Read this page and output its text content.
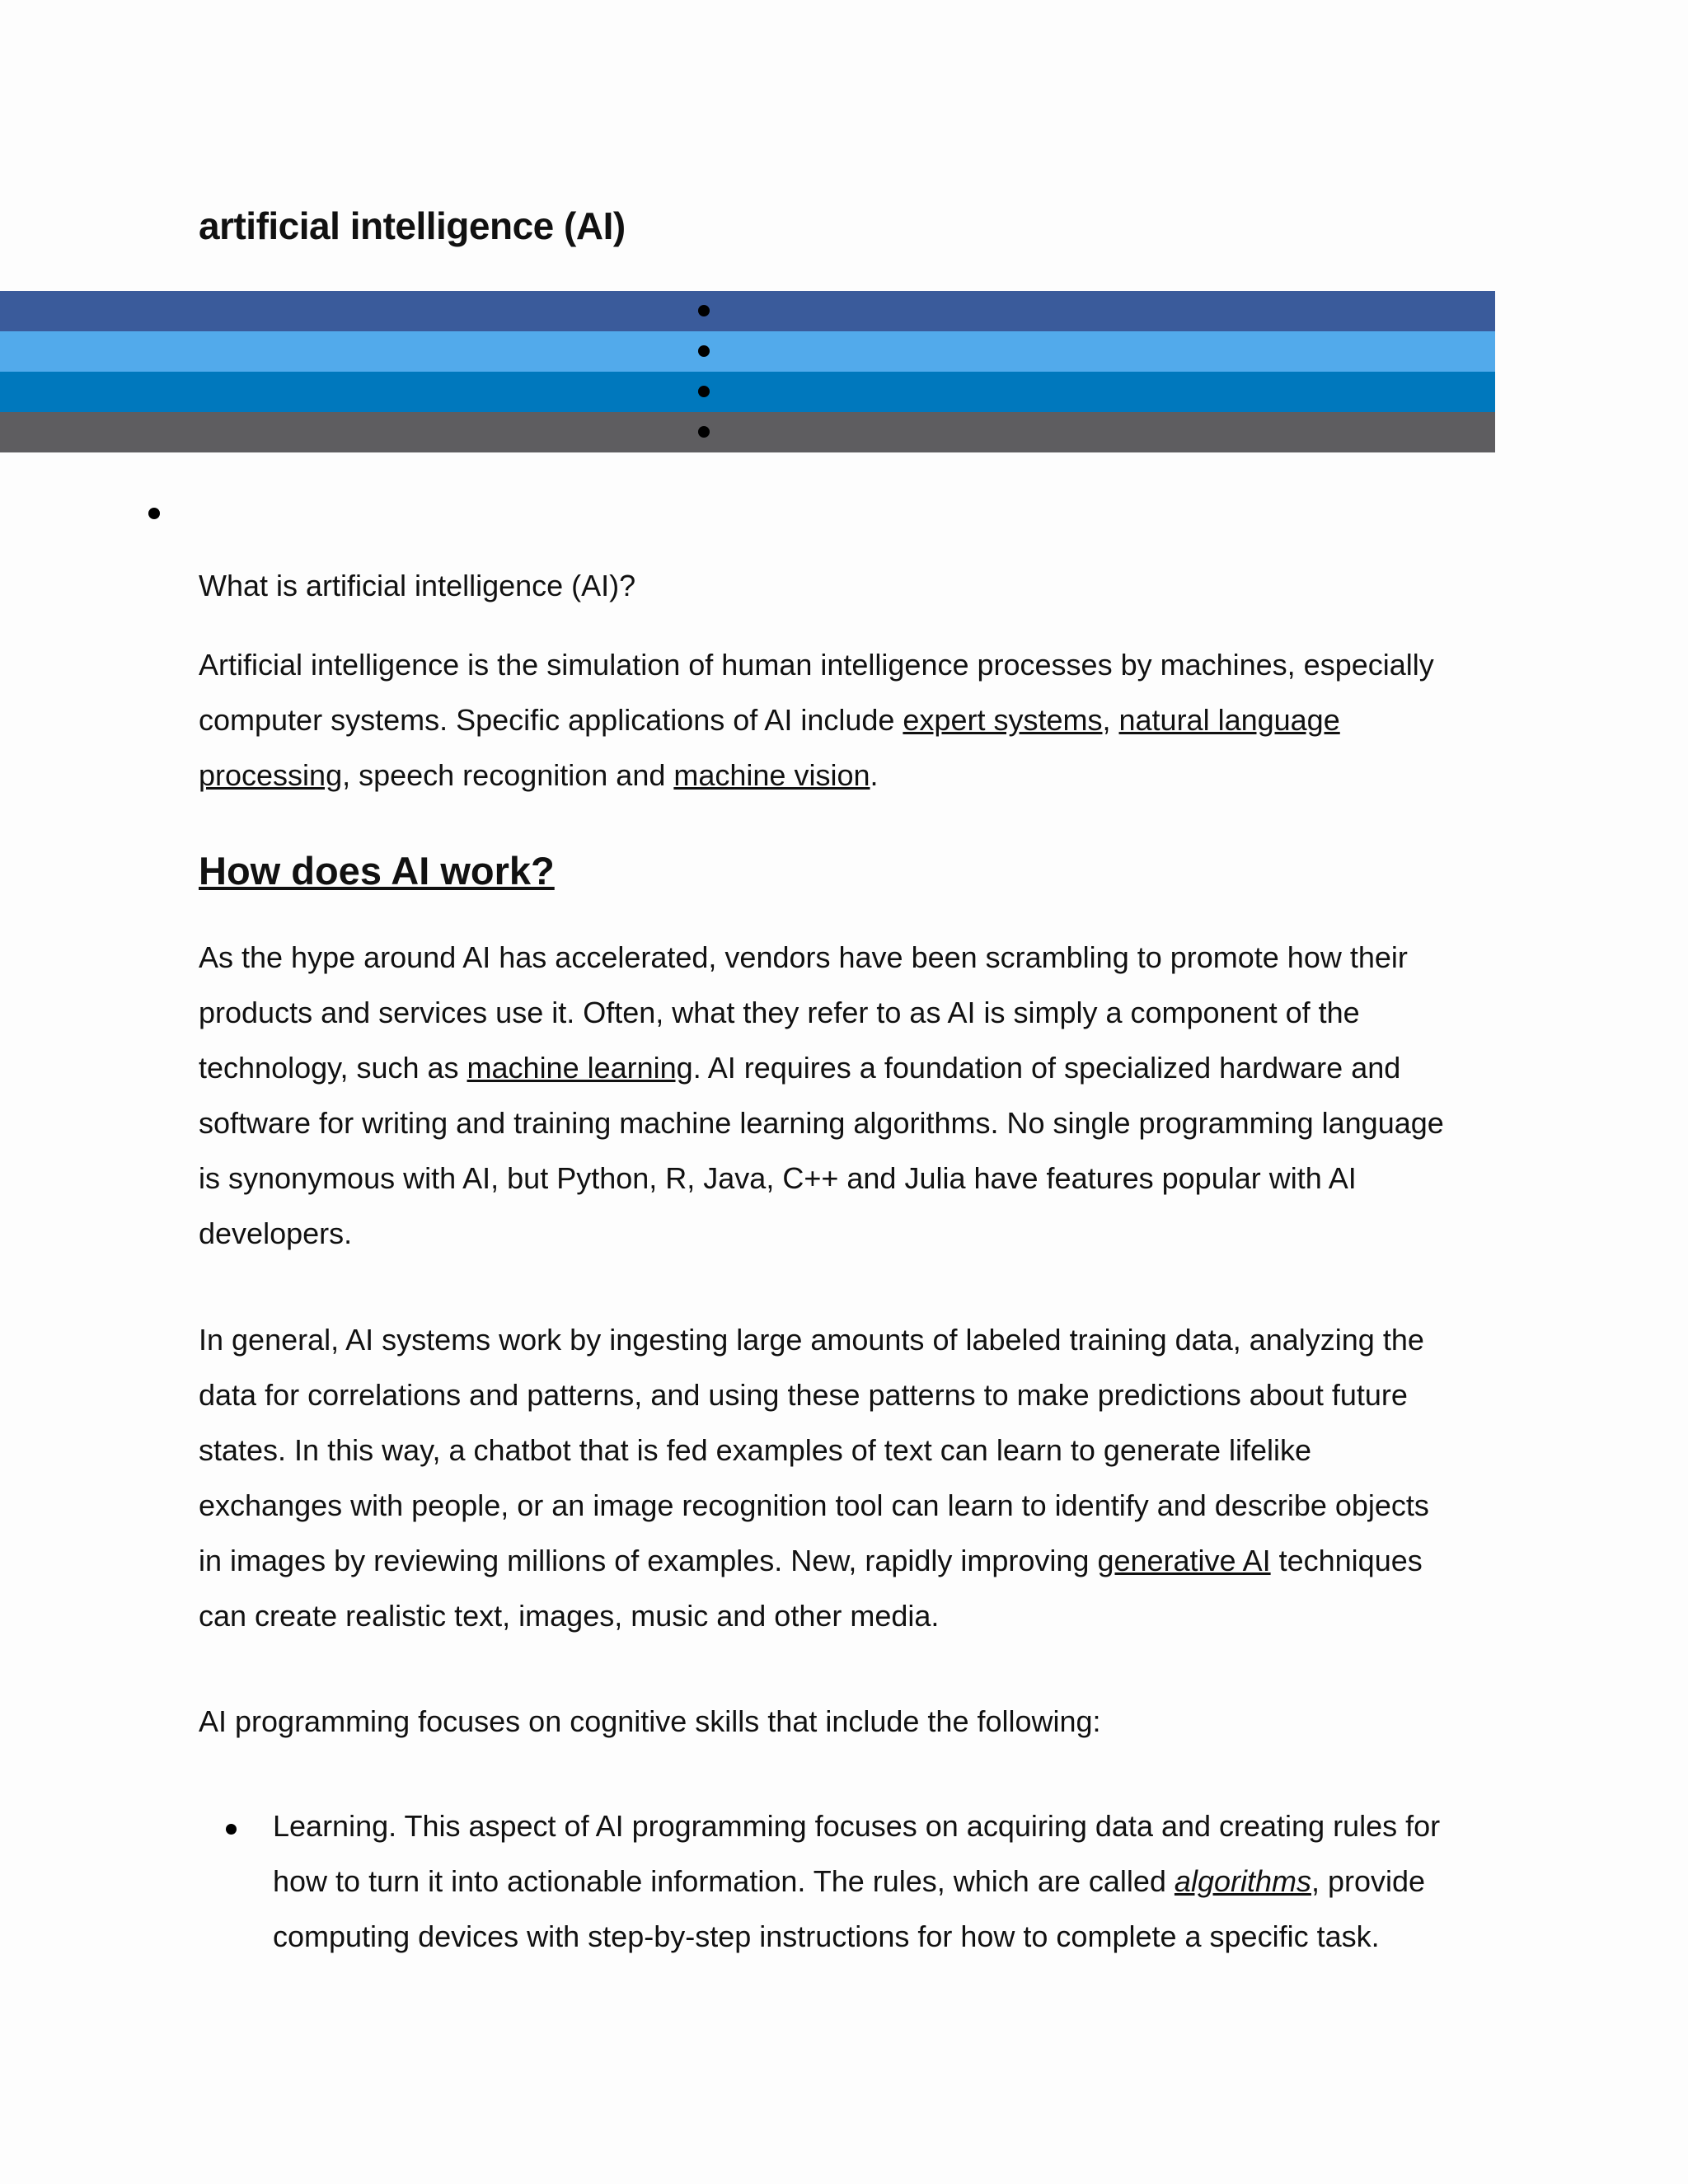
artificial intelligence (AI)

What is artificial intelligence (AI)?

Artificial intelligence is the simulation of human intelligence processes by machines, especially
computer systems. Specific applications of AI include expert systems, natural language
processing, speech recognition and machine vision.

How does AI work?

As the hype around AI has accelerated, vendors have been scrambling to promote how their
products and services use it. Often, what they refer to as AI is simply a component of the
technology, such as machine learning. AI requires a foundation of specialized hardware and
software for writing and training machine learning algorithms. No single programming language
is synonymous with AI, but Python, R, Java, C++ and Julia have features popular with AI
developers.

In general, AI systems work by ingesting large amounts of labeled training data, analyzing the
data for correlations and patterns, and using these patterns to make predictions about future
states. In this way, a chatbot that is fed examples of text can learn to generate lifelike
exchanges with people, or an image recognition tool can learn to identify and describe objects
in images by reviewing millions of examples. New, rapidly improving generative AI techniques
can create realistic text, images, music and other media.

AI programming focuses on cognitive skills that include the following:

Learning. This aspect of AI programming focuses on acquiring data and creating rules for
how to turn it into actionable information. The rules, which are called algorithms, provide
computing devices with step-by-step instructions for how to complete a specific task.
